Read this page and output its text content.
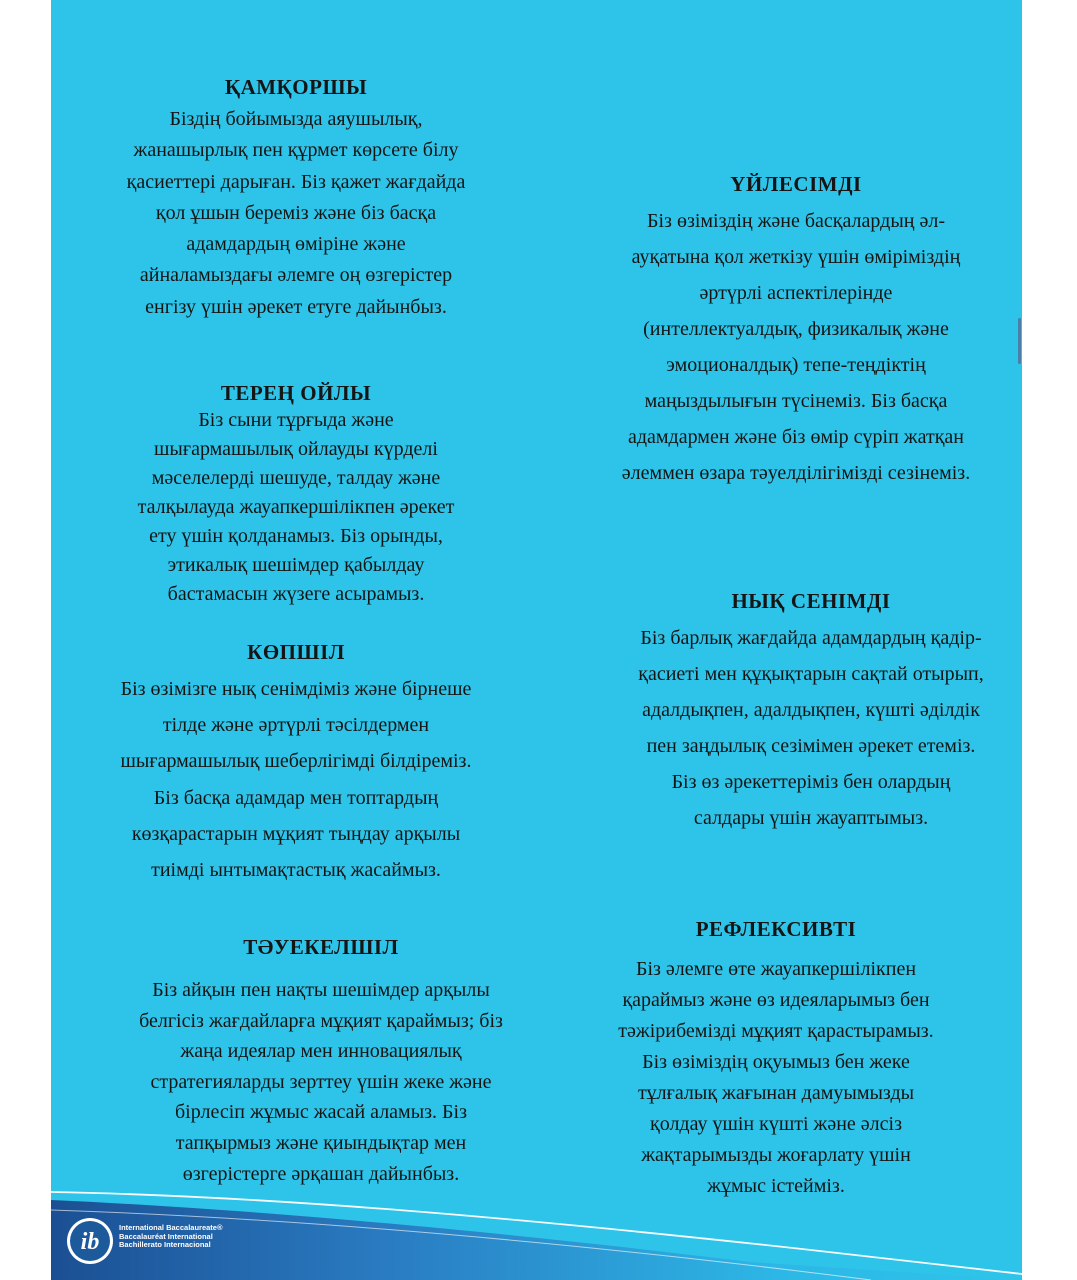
ҚАМҚОРШЫ

Біздің бойымызда аяушылық,
жанашырлық пен құрмет көрсете білу
қасиеттері дарыған. Біз қажет жағдайда
қол ұшын береміз және біз басқа
адамдардың өміріне және
айналамыздағы әлемге оң өзгерістер
енгізу үшін әрекет етуге дайынбыз.

ТЕРЕҢ ОЙЛЫ

Біз сыни тұрғыда және
шығармашылық ойлауды күрделі
мәселелерді шешуде, талдау және
талқылауда жауапкершілікпен әрекет
ету үшін қолданамыз. Біз орынды,
этикалық шешімдер қабылдау
бастамасын жүзеге асырамыз.

КӨПШІЛ

Біз өзімізге нық сенімдіміз және бірнеше
тілде және әртүрлі тәсілдермен
шығармашылық шеберлігімді білдіреміз.
Біз басқа адамдар мен топтардың
көзқарастарын мұқият тыңдау арқылы
тиімді ынтымақтастық жасаймыз.

ТӘУЕКЕЛШІЛ

Біз айқын пен нақты шешімдер арқылы
белгісіз жағдайларға мұқият қараймыз; біз
жаңа идеялар мен инновациялық
стратегияларды зерттеу үшін жеке және
бірлесіп жұмыс жасай аламыз. Біз
тапқырмыз және қиындықтар мен
өзгерістерге әрқашан дайынбыз.

ҮЙЛЕСІМДІ

Біз өзіміздің және басқалардың әл-
ауқатына қол жеткізу үшін өміріміздің
әртүрлі аспектілерінде
(интеллектуалдық, физикалық және
эмоционалдық) тепе-теңдіктің
маңыздылығын түсінеміз. Біз басқа
адамдармен және біз өмір сүріп жатқан
әлеммен өзара тәуелділігімізді сезінеміз.

НЫҚ СЕНІМДІ

Біз барлық жағдайда адамдардың қадір-
қасиеті мен құқықтарын сақтай отырып,
адалдықпен, адалдықпен, күшті әділдік
пен заңдылық сезімімен әрекет етеміз.
Біз өз әрекеттеріміз бен олардың
салдары үшін жауаптымыз.

РЕФЛЕКСИВТІ

Біз әлемге өте жауапкершілікпен
қараймыз және өз идеяларымыз бен
тәжірибемізді мұқият қарастырамыз.
Біз өзіміздің оқуымыз бен жеке
тұлғалық жағынан дамуымызды
қолдау үшін күшті және әлсіз
жақтарымызды жоғарлату үшін
жұмыс істейміз.

ib
International Baccalaureate®
Baccalauréat International
Bachillerato Internacional
